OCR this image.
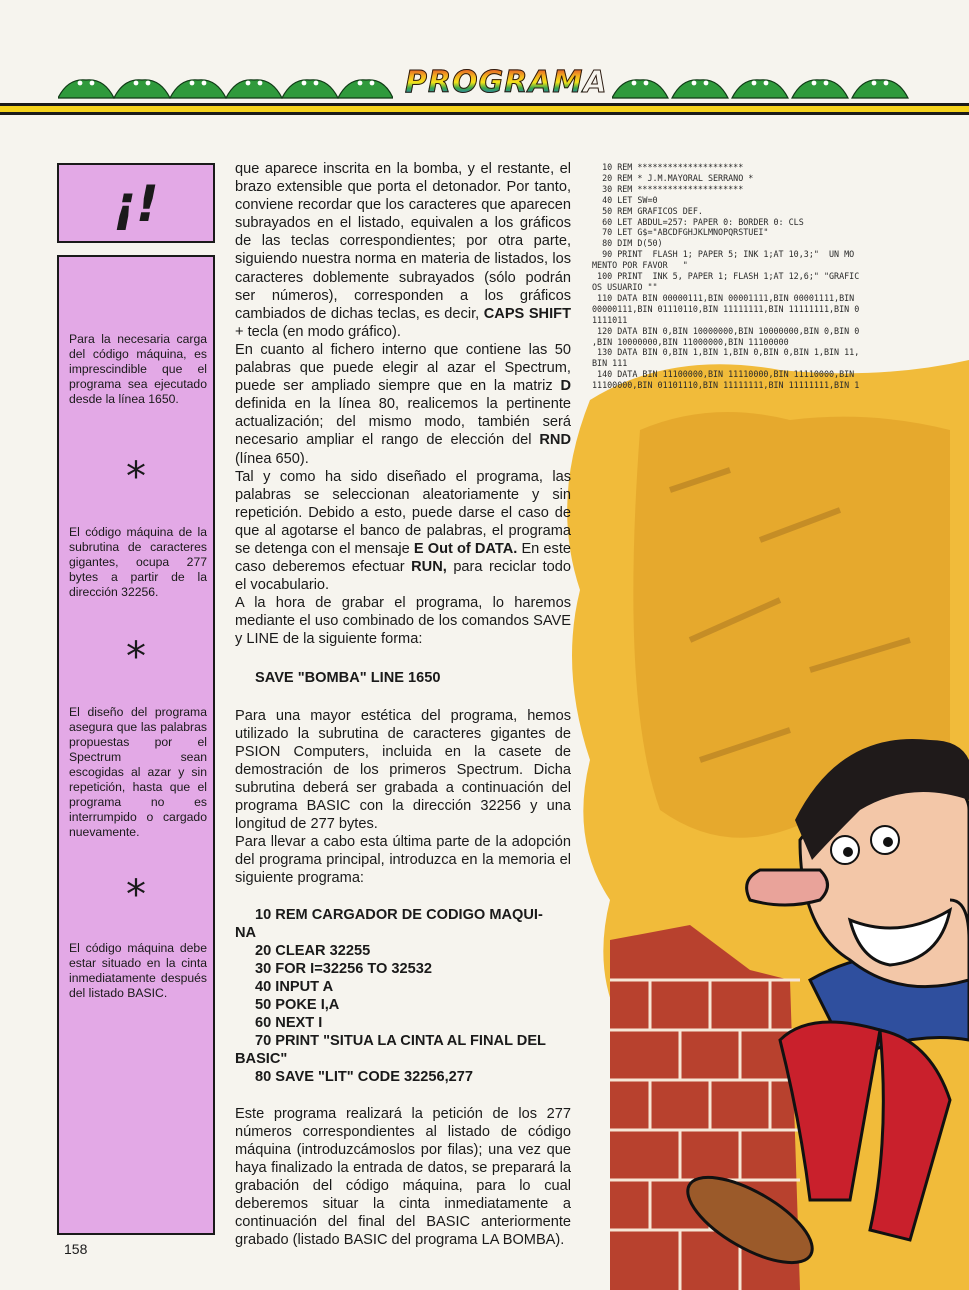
PROGRAMA
¡!
Para la necesaria carga del código máquina, es imprescindible que el programa sea ejecutado desde la línea 1650.
*
El código máquina de la subrutina de caracteres gigantes, ocupa 277 bytes a partir de la dirección 32256.
*
El diseño del programa asegura que las palabras propuestas por el Spectrum sean escogidas al azar y sin repetición, hasta que el programa no es interrumpido o cargado nuevamente.
*
El código máquina debe estar situado en la cinta inmediatamente después del listado BASIC.
10 REM *********************
20 REM * J.M.MAYORAL SERRANO *
30 REM *********************
40 LET SW=0
50 REM GRAFICOS DEF.
60 LET ABDUL=257: PAPER 0: BORDER 0: CLS
70 LET G$="ABCDFGHJKLMNOPQRSTUEI"
80 DIM D(50)
90 PRINT  FLASH 1; PAPER 5; INK 1;AT 10,3;"  UN MO
MENTO POR FAVOR   "
100 PRINT  INK 5, PAPER 1; FLASH 1;AT 12,6;" "GRAFIC
OS USUARIO ""
110 DATA BIN 00000111,BIN 00001111,BIN 00001111,BIN
00000111,BIN 01110110,BIN 11111111,BIN 11111111,BIN 0
1111011
120 DATA BIN 0,BIN 10000000,BIN 10000000,BIN 0,BIN 0
,BIN 10000000,BIN 11000000,BIN 11100000
130 DATA BIN 0,BIN 1,BIN 1,BIN 0,BIN 0,BIN 1,BIN 11,
BIN 111
140 DATA BIN 11100000,BIN 11110000,BIN 11110000,BIN
11100000,BIN 01101110,BIN 11111111,BIN 11111111,BIN 1

que aparece inscrita en la bomba, y el restante, el brazo extensible que porta el detonador. Por tanto, conviene recordar que los caracteres que aparecen subrayados en el listado, equivalen a los gráficos de las teclas correspondientes; por otra parte, siguiendo nuestra norma en materia de listados, los caracteres doblemente subrayados (sólo podrán ser números), corresponden a los gráficos cambiados de dichas teclas, es decir, CAPS SHIFT + tecla (en modo gráfico).

En cuanto al fichero interno que contiene las 50 palabras que puede elegir al azar el Spectrum, puede ser ampliado siempre que en la matriz D definida en la línea 80, realicemos la pertinente actualización; del mismo modo, también será necesario ampliar el rango de elección del RND (línea 650).

Tal y como ha sido diseñado el programa, las palabras se seleccionan aleatoriamente y sin repetición. Debido a esto, puede darse el caso de que al agotarse el banco de palabras, el programa se detenga con el mensaje E Out of DATA. En este caso deberemos efectuar RUN, para reciclar todo el vocabulario.

A la hora de grabar el programa, lo haremos mediante el uso combinado de los comandos SAVE y LINE de la siguiente forma:

SAVE "BOMBA" LINE 1650

Para una mayor estética del programa, hemos utilizado la subrutina de caracteres gigantes de PSION Computers, incluida en la casete de demostración de los primeros Spectrum. Dicha subrutina deberá ser grabada a continuación del programa BASIC con la dirección 32256 y una longitud de 277 bytes.

Para llevar a cabo esta última parte de la adopción del programa principal, introduzca en la memoria el siguiente programa:

10 REM CARGADOR DE CODIGO MAQUI-
NA
20 CLEAR 32255
30 FOR I=32256 TO 32532
40 INPUT A
50 POKE I,A
60 NEXT I
70 PRINT "SITUA LA CINTA AL FINAL DEL
BASIC"
80 SAVE "LIT" CODE 32256,277

Este programa realizará la petición de los 277 números correspondientes al listado de código máquina (introduzcámoslos por filas); una vez que haya finalizado la entrada de datos, se preparará la grabación del código máquina, para lo cual deberemos situar la cinta inmediatamente a continuación del final del BASIC anteriormente grabado (listado BASIC del programa LA BOMBA).

158
